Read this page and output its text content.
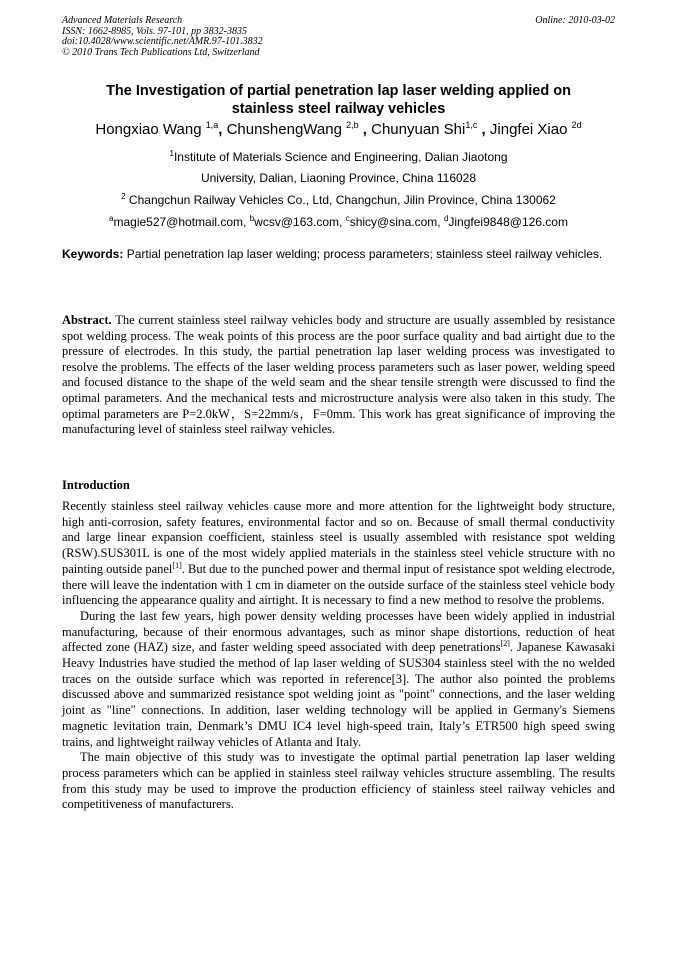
Advanced Materials Research
ISSN: 1662-8985, Vols. 97-101, pp 3832-3835
doi:10.4028/www.scientific.net/AMR.97-101.3832
© 2010 Trans Tech Publications Ltd, Switzerland
Online: 2010-03-02
The Investigation of partial penetration lap laser welding applied on
stainless steel railway vehicles
Hongxiao Wang $^{1,a}$, ChunshengWang $^{2,b}$ , Chunyuan Shi$^{1,c}$ , Jingfei Xiao $^{2d}$
$^1$Institute of Materials Science and Engineering, Dalian Jiaotong
University, Dalian, Liaoning Province, China 116028
$^2$ Changchun Railway Vehicles Co., Ltd, Changchun, Jilin Province, China 130062
$^a$magie527@hotmail.com, $^b$wcsv@163.com, $^c$shicy@sina.com, $^d$Jingfei9848@126.com
Keywords: Partial penetration lap laser welding; process parameters; stainless steel railway vehicles.
Abstract. The current stainless steel railway vehicles body and structure are usually assembled by resistance spot welding process. The weak points of this process are the poor surface quality and bad airtight due to the pressure of electrodes. In this study, the partial penetration lap laser welding process was investigated to resolve the problems. The effects of the laser welding process parameters such as laser power, welding speed and focused distance to the shape of the weld seam and the shear tensile strength were discussed to find the optimal parameters. And the mechanical tests and microstructure analysis were also taken in this study. The optimal parameters are P=2.0kW，S=22mm/s，F=0mm. This work has great significance of improving the manufacturing level of stainless steel railway vehicles.
Introduction

Recently stainless steel railway vehicles cause more and more attention for the lightweight body structure, high anti-corrosion, safety features, environmental factor and so on. Because of small thermal conductivity and large linear expansion coefficient, stainless steel is usually assembled with resistance spot welding (RSW).SUS301L is one of the most widely applied materials in the stainless steel vehicle structure with no painting outside panel[1]. But due to the punched power and thermal input of resistance spot welding electrode, there will leave the indentation with 1 cm in diameter on the outside surface of the stainless steel vehicle body influencing the appearance quality and airtight. It is necessary to find a new method to resolve the problems.

During the last few years, high power density welding processes have been widely applied in industrial manufacturing, because of their enormous advantages, such as minor shape distortions, reduction of heat affected zone (HAZ) size, and faster welding speed associated with deep penetrations[2]. Japanese Kawasaki Heavy Industries have studied the method of lap laser welding of SUS304 stainless steel with the no welded traces on the outside surface which was reported in reference[3]. The author also pointed the problems discussed above and summarized resistance spot welding joint as "point" connections, and the laser welding joint as "line" connections. In addition, laser welding technology will be applied in Germany's Siemens magnetic levitation train, Denmark’s DMU IC4 level high-speed train, Italy’s ETR500 high speed swing trains, and lightweight railway vehicles of Atlanta and Italy.

The main objective of this study was to investigate the optimal partial penetration lap laser welding process parameters which can be applied in stainless steel railway vehicles structure assembling. The results from this study may be used to improve the production efficiency of stainless steel railway vehicles and competitiveness of manufacturers.
